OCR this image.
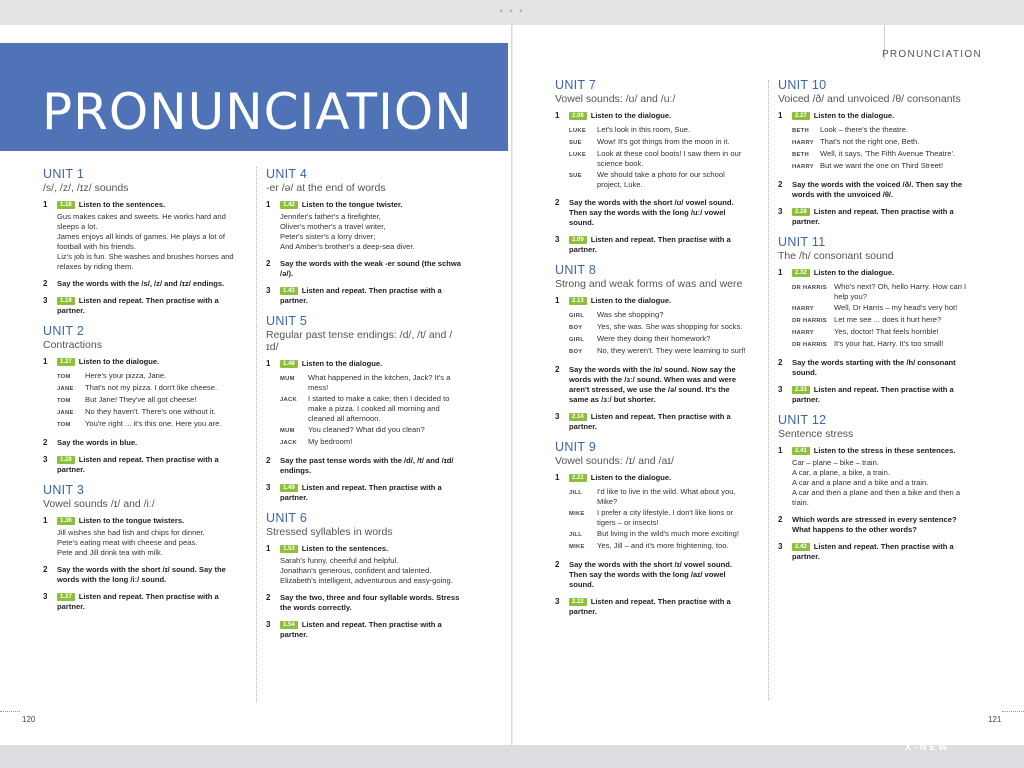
• • •
PRONUNCIATION
120
UNIT 1
/s/, /z/, /ɪz/ sounds
1	1.18 Listen to the sentences.
Gus makes cakes and sweets. He works hard and sleeps a lot.
James enjoys all kinds of games. He plays a lot of football with his friends.
Liz's job is fun. She washes and brushes horses and relaxes by riding them.
2	Say the words with the /s/, /z/ and /ɪz/ endings.
3	1.19 Listen and repeat. Then practise with a partner.
UNIT 2
Contractions
1	1.27 Listen to the dialogue.
TOM	Here's your pizza, Jane.
JANE	That's not my pizza. I don't like cheese.
TOM	But Jane! They've all got cheese!
JANE	No they haven't. There's one without it.
TOM	You're right ... it's this one. Here you are.
2	Say the words in blue.
3	1.28 Listen and repeat. Then practise with a partner.
UNIT 3
Vowel sounds /ɪ/ and /iː/
1	1.36 Listen to the tongue twisters.
Jill wishes she had fish and chips for dinner.
Pete's eating meat with cheese and peas.
Pete and Jill drink tea with milk.
2	Say the words with the short /ɪ/ sound. Say the words with the long /iː/ sound.
3	1.37 Listen and repeat. Then practise with a partner.
UNIT 4
-er /ə/ at the end of words
1	1.42 Listen to the tongue twister.
Jennifer's father's a firefighter,
Oliver's mother's a travel writer,
Peter's sister's a lorry driver;
And Amber's brother's a deep-sea diver.
2	Say the words with the weak -er sound (the schwa /ə/).
3	1.43 Listen and repeat. Then practise with a partner.
UNIT 5
Regular past tense endings: /d/, /t/ and /ɪd/
1	1.48 Listen to the dialogue.
MUM	What happened in the kitchen, Jack? It's a mess!
JACK	I started to make a cake; then I decided to make a pizza. I cooked all morning and cleaned all afternoon.
MUM	You cleaned? What did you clean?
JACK	My bedroom!
2	Say the past tense words with the /d/, /t/ and /ɪd/ endings.
3	1.49 Listen and repeat. Then practise with a partner.
UNIT 6
Stressed syllables in words
1	1.53 Listen to the sentences.
Sarah's funny, cheerful and helpful.
Jonathan's generous, confident and talented.
Elizabeth's intelligent, adventurous and easy-going.
2	Say the two, three and four syllable words. Stress the words correctly.
3	1.54 Listen and repeat. Then practise with a partner.
PRONUNCIATION
121
UNIT 7
Vowel sounds: /ʊ/ and /uː/
1	2.08 Listen to the dialogue.
LUKE	Let's look in this room, Sue.
SUE	Wow! It's got things from the moon in it.
LUKE	Look at these cool boots! I saw them in our science book.
SUE	We should take a photo for our school project, Luke.
2	Say the words with the short /ʊ/ vowel sound. Then say the words with the long /uː/ vowel sound.
3	2.09 Listen and repeat. Then practise with a partner.
UNIT 8
Strong and weak forms of was and were
1	2.13 Listen to the dialogue.
GIRL	Was she shopping?
BOY	Yes, she was. She was shopping for socks.
GIRL	Were they doing their homework?
BOY	No, they weren't. They were learning to surf!
2	Say the words with the /ɒ/ sound. Now say the words with the /ɜː/ sound. When was and were aren't stressed, we use the /ə/ sound. It's the same as /ɜː/ but shorter.
3	2.14 Listen and repeat. Then practise with a partner.
UNIT 9
Vowel sounds: /ɪ/ and /aɪ/
1	2.21 Listen to the dialogue.
JILL	I'd like to live in the wild. What about you, Mike?
MIKE	I prefer a city lifestyle. I don't like lions or tigers – or insects!
JILL	But living in the wild's much more exciting!
MIKE	Yes, Jill – and it's more frightening, too.
2	Say the words with the short /ɪ/ vowel sound. Then say the words with the long /aɪ/ vowel sound.
3	2.22 Listen and repeat. Then practise with a partner.
UNIT 10
Voiced /ð/ and unvoiced /θ/ consonants
1	2.27 Listen to the dialogue.
BETH	Look – there's the theatre.
HARRY That's not the right one, Beth.
BETH	Well, it says, 'The Fifth Avenue Theatre'.
HARRY But we want the one on Third Street!
2	Say the words with the voiced /ð/. Then say the words with the unvoiced /θ/.
3	2.28 Listen and repeat. Then practise with a partner.
UNIT 11
The /h/ consonant sound
1	2.32 Listen to the dialogue.
DR HARRIS Who's next? Oh, hello Harry. How can I help you?
HARRY	Well, Dr Harris – my head's very hot!
DR HARRIS Let me see ... does it hurt here?
HARRY	Yes, doctor! That feels horrible!
DR HARRIS It's your hat, Harry. It's too small!
2	Say the words starting with the /h/ consonant sound.
3	2.33 Listen and repeat. Then practise with a partner.
UNIT 12
Sentence stress
1	2.41 Listen to the stress in these sentences.
Car – plane – bike – train.
A car, a plane, a bike, a train.
A car and a plane and a bike and a train.
A car and then a plane and then a bike and then a train.
2	Which words are stressed in every sentence? What happens to the other words?
3	2.42 Listen and repeat. Then practise with a partner.
X-NEW
